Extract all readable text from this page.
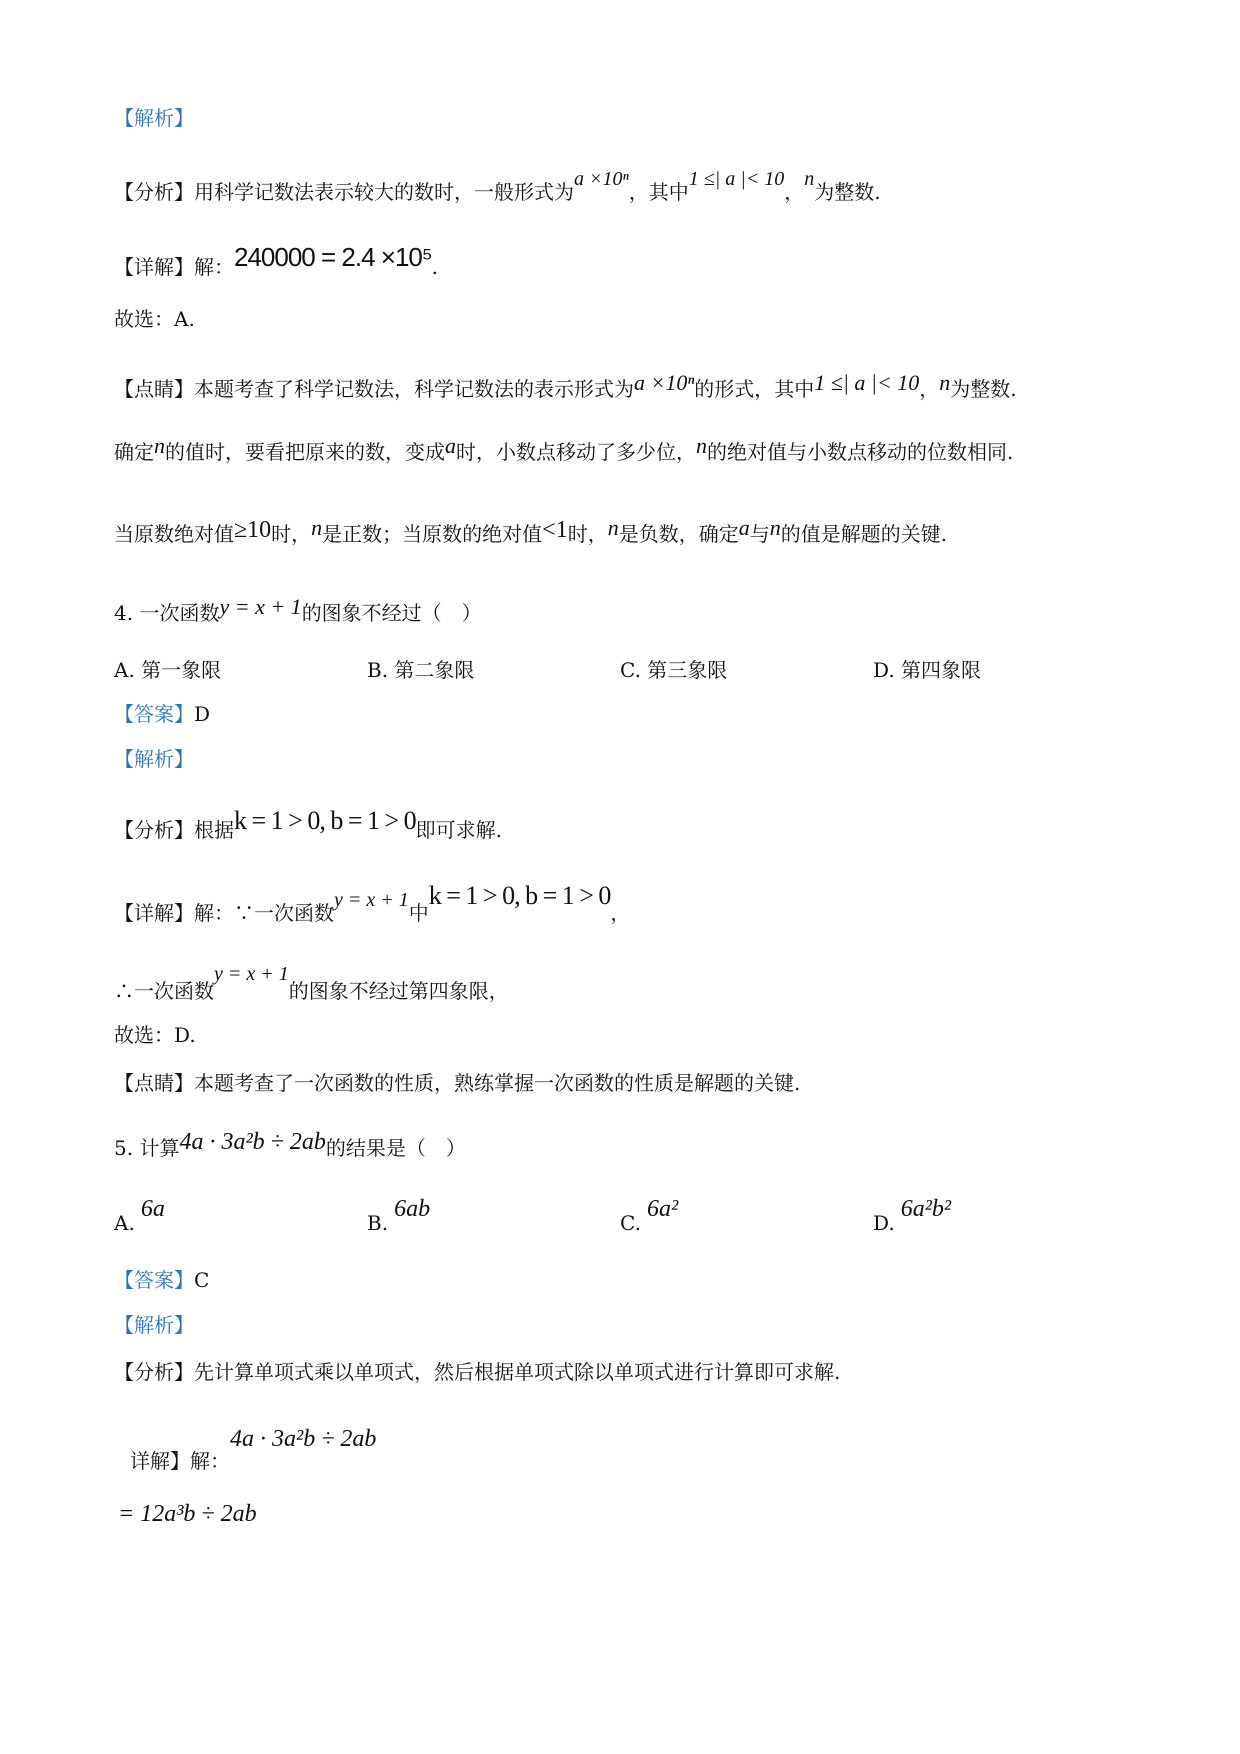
【解析】
【分析】用科学记数法表示较大的数时，一般形式为a ×10ⁿ，其中1 ≤| a |< 10，n为整数.
【详解】解：240000 = 2.4 ×10⁵.
故选：A.
【点睛】本题考查了科学记数法，科学记数法的表示形式为a ×10ⁿ的形式，其中1 ≤| a |< 10，n为整数.
确定n的值时，要看把原来的数，变成a时，小数点移动了多少位，n的绝对值与小数点移动的位数相同.
当原数绝对值≥10时，n是正数；当原数的绝对值<1时，n是负数，确定a与n的值是解题的关键.
4. 一次函数y = x + 1的图象不经过（　）
A. 第一象限	B. 第二象限	C. 第三象限	D. 第四象限
【答案】D
【解析】
【分析】根据k = 1 > 0, b = 1 > 0即可求解.
【详解】解：∵一次函数y = x + 1中k = 1 > 0, b = 1 > 0，
∴一次函数y = x + 1的图象不经过第四象限，
故选：D.
【点睛】本题考查了一次函数的性质，熟练掌握一次函数的性质是解题的关键.
5. 计算4a · 3a²b ÷ 2ab的结果是（　）
A.6a
B.6ab
C.6a²
D.6a²b²
【答案】C
【解析】
【分析】先计算单项式乘以单项式，然后根据单项式除以单项式进行计算即可求解.
详解】解：4a · 3a²b ÷ 2ab
= 12a³b ÷ 2ab
